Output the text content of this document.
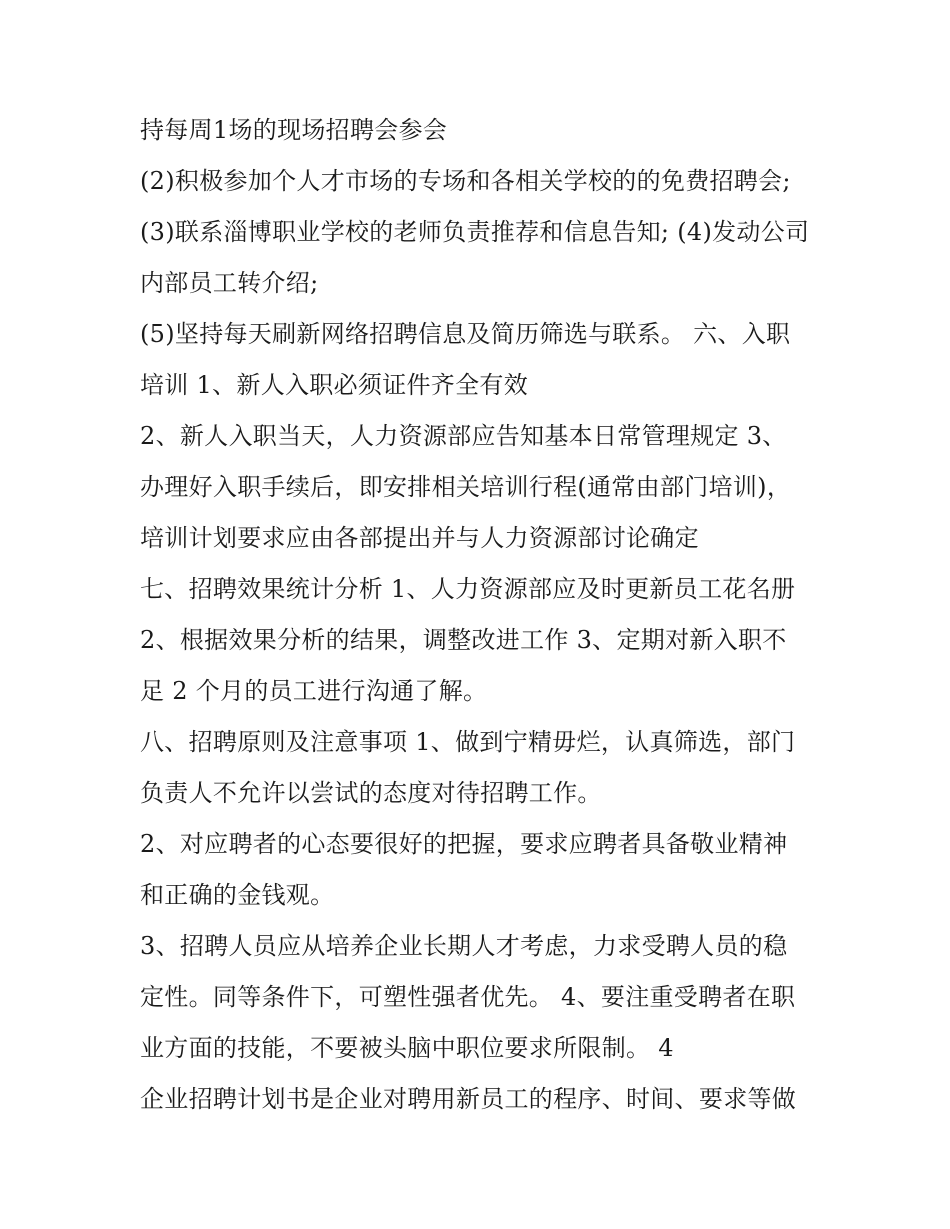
持每周1场的现场招聘会参会
(2)积极参加个人才市场的专场和各相关学校的的免费招聘会;
(3)联系淄博职业学校的老师负责推荐和信息告知; (4)发动公司
内部员工转介绍;
(5)坚持每天刷新网络招聘信息及简历筛选与联系。 六、入职
培训 1、新人入职必须证件齐全有效
2、新人入职当天，人力资源部应告知基本日常管理规定 3、
办理好入职手续后，即安排相关培训行程(通常由部门培训)，
培训计划要求应由各部提出并与人力资源部讨论确定
七、招聘效果统计分析 1、人力资源部应及时更新员工花名册
2、根据效果分析的结果，调整改进工作 3、定期对新入职不
足 2 个月的员工进行沟通了解。
八、招聘原则及注意事项 1、做到宁精毋烂，认真筛选，部门
负责人不允许以尝试的态度对待招聘工作。
2、对应聘者的心态要很好的把握，要求应聘者具备敬业精神
和正确的金钱观。
3、招聘人员应从培养企业长期人才考虑，力求受聘人员的稳
定性。同等条件下，可塑性强者优先。 4、要注重受聘者在职
业方面的技能，不要被头脑中职位要求所限制。 4
企业招聘计划书是企业对聘用新员工的程序、时间、要求等做
